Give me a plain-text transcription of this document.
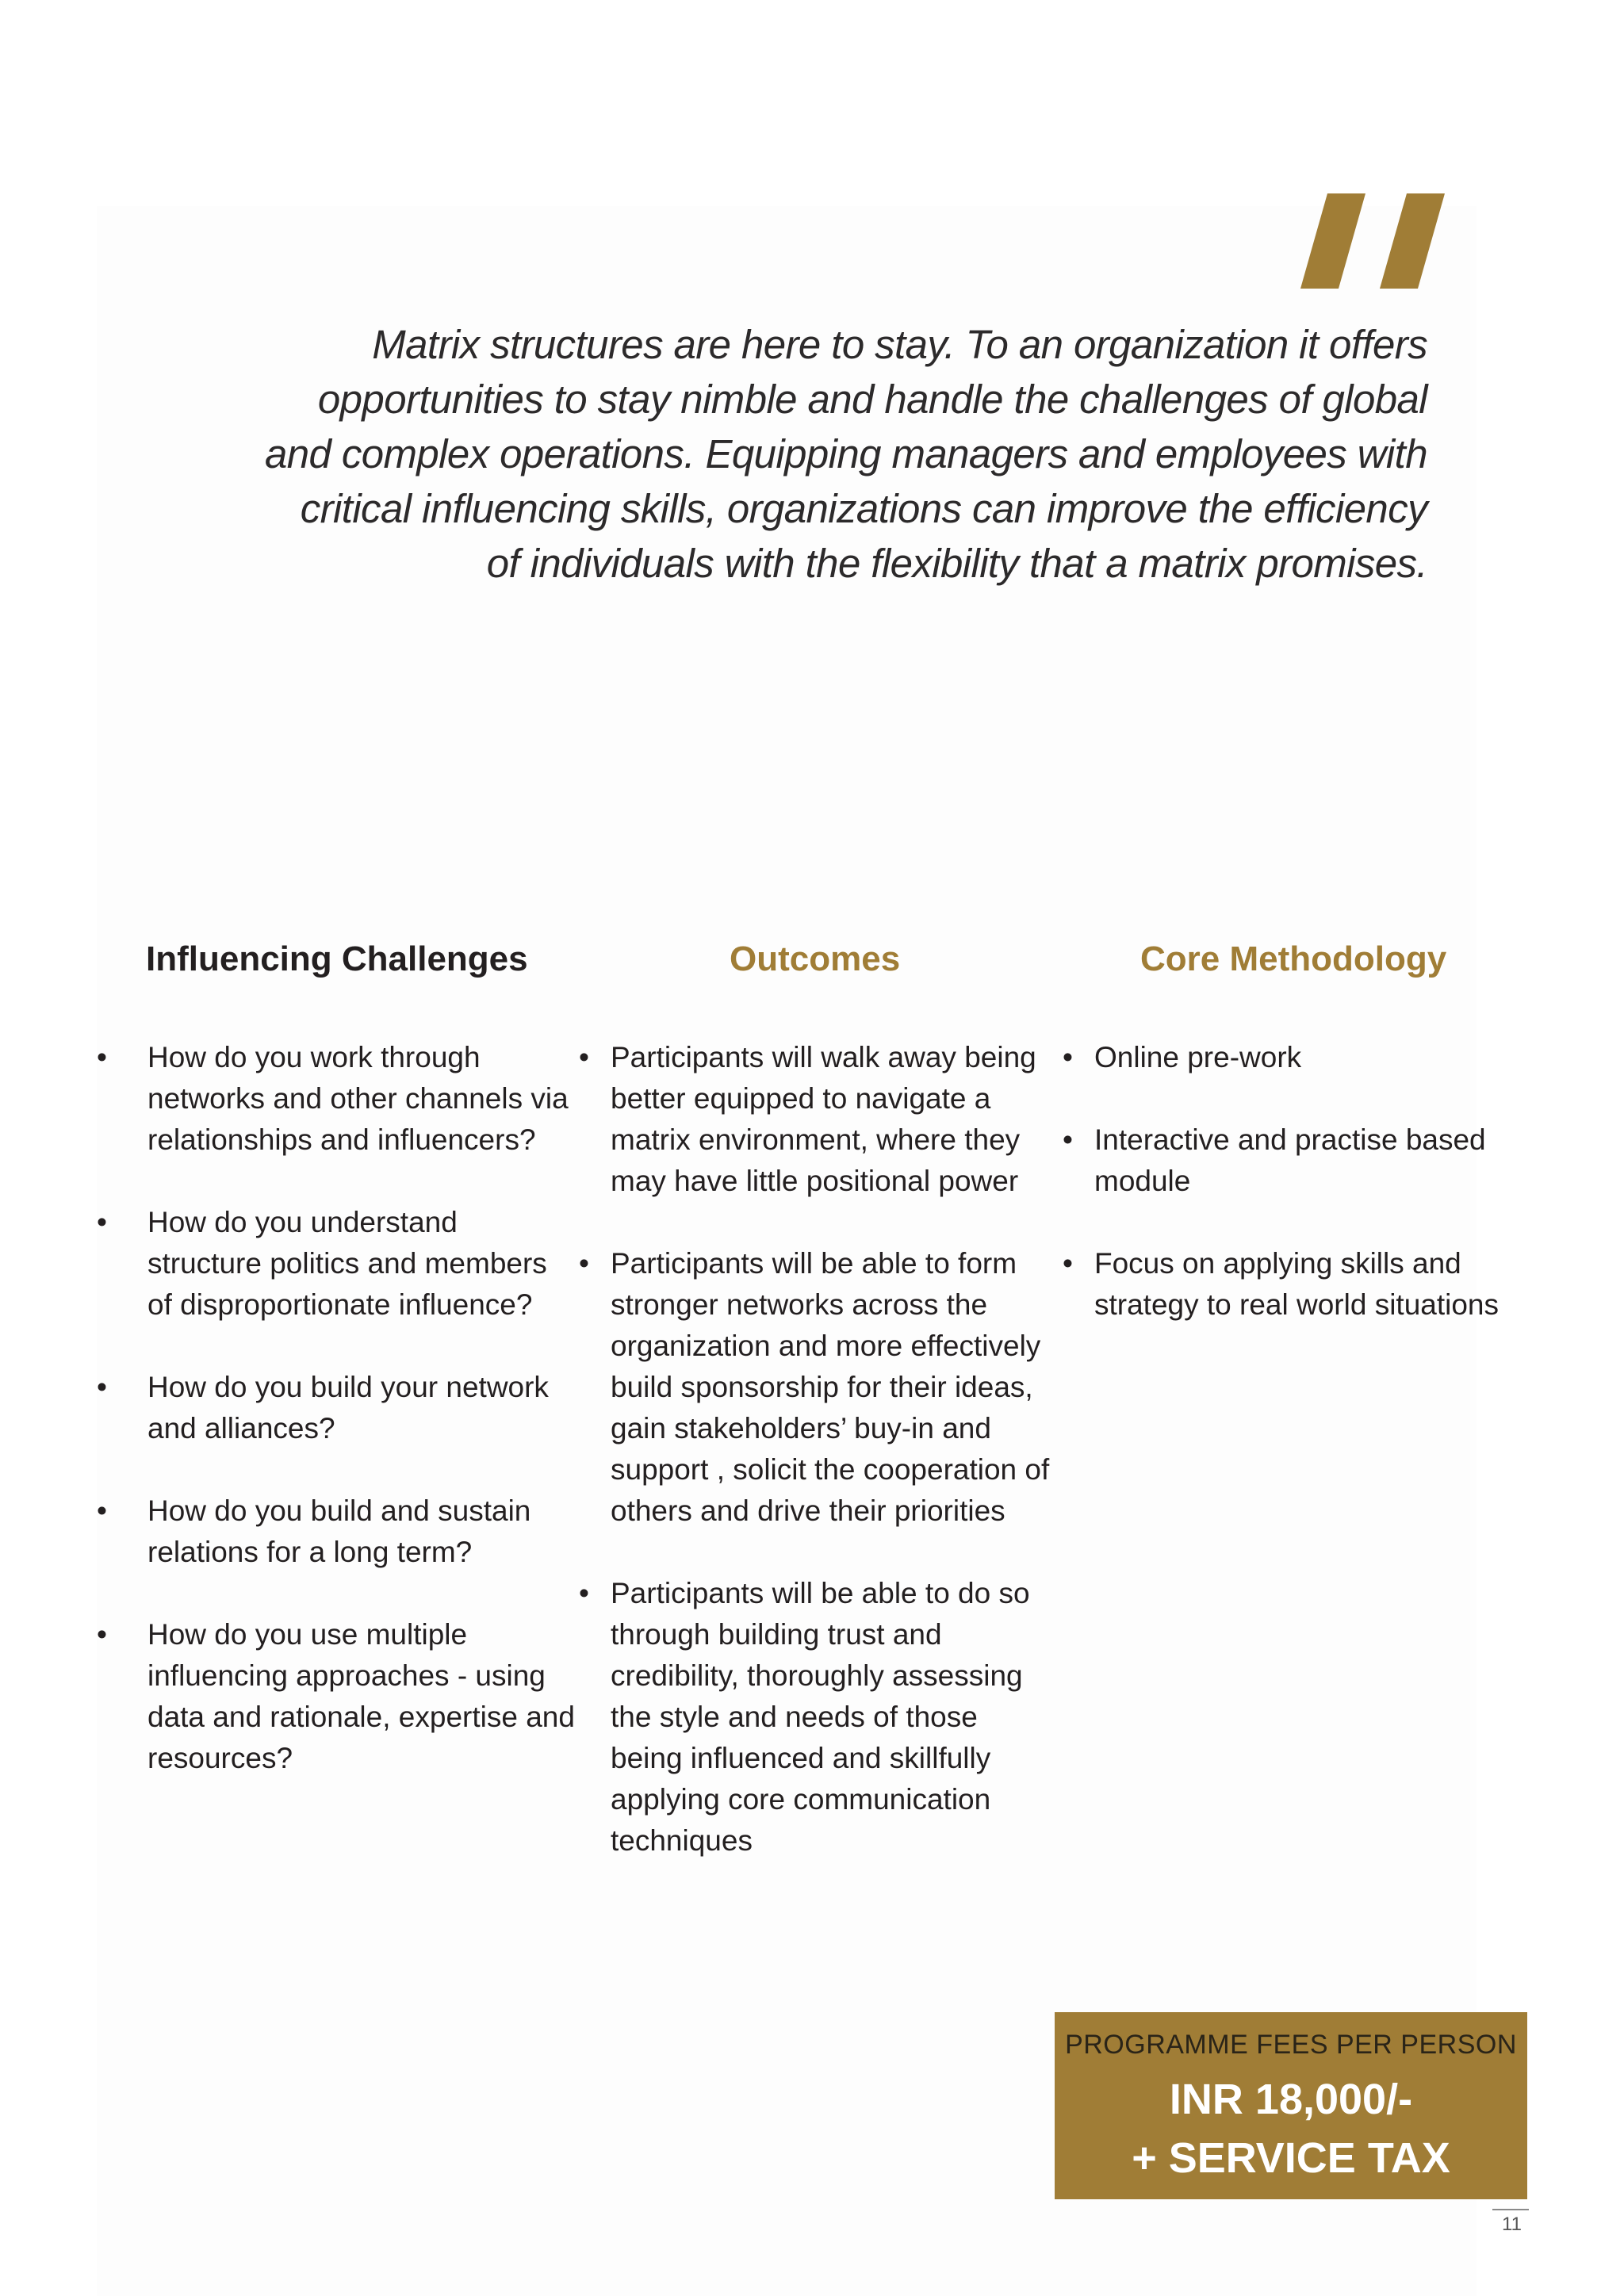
Matrix structures are here to stay. To an organization it offers
opportunities to stay nimble and handle the challenges of global
and complex operations. Equipping managers and employees with
critical influencing skills, organizations can improve the efficiency
of individuals with the flexibility that a matrix promises.
Influencing Challenges	Outcomes	Core Methodology
• How do you work through networks and other channels via relationships and influencers?
• How do you understand structure politics and members of disproportionate influence?
• How do you build your network and alliances?
• How do you build and sustain relations for a long term?
• How do you use multiple influencing approaches - using data and rationale, expertise and resources?
• Participants will walk away being better equipped to navigate a matrix environment, where they may have little positional power
• Participants will be able to form stronger networks across the organization and more effectively build sponsorship for their ideas, gain stakeholders’ buy-in and support , solicit the cooperation of others and drive their priorities
• Participants will be able to do so through building trust and credibility, thoroughly assessing the style and needs of those being influenced and skillfully applying core communication techniques
• Online pre-work
• Interactive and practise based module
• Focus on applying skills and strategy to real world situations
PROGRAMME FEES PER PERSON
INR 18,000/-
+ SERVICE TAX
11
